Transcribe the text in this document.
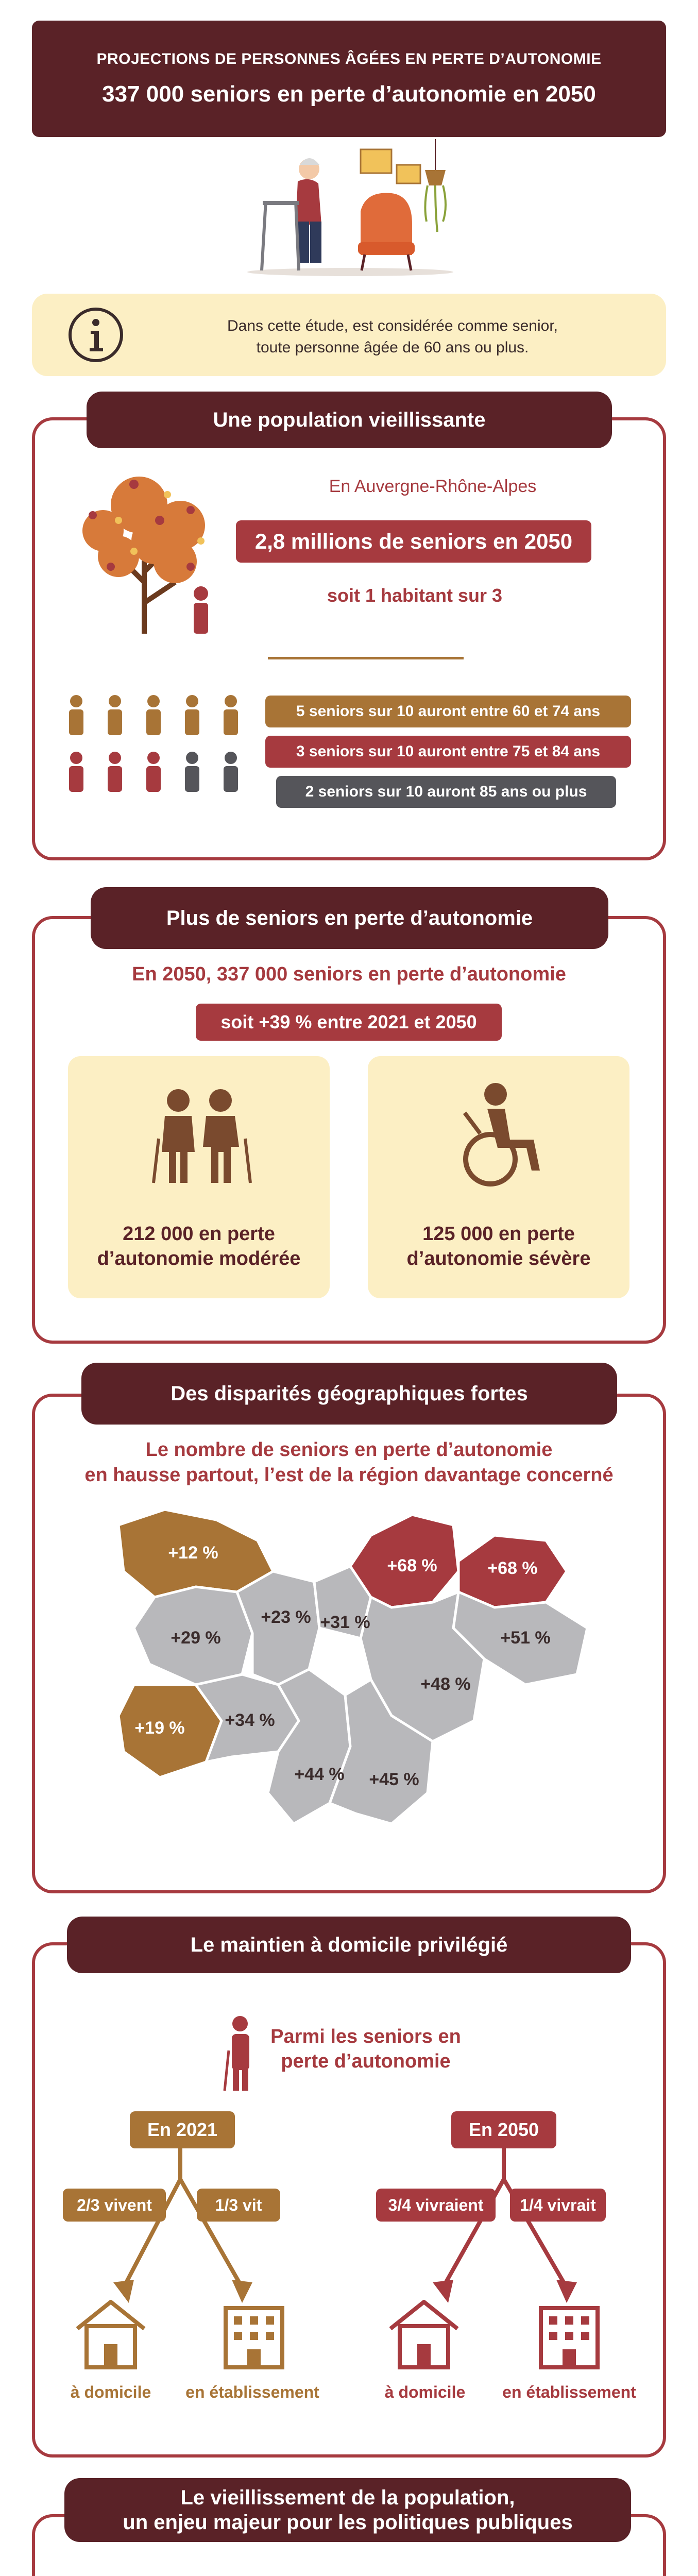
PROJECTIONS DE PERSONNES ÂGÉES EN PERTE D’AUTONOMIE
337 000 seniors en perte d’autonomie en 2050
Dans cette étude, est considérée comme senior,
toute personne âgée de 60 ans ou plus.
Une population vieillissante
En Auvergne-Rhône-Alpes
2,8 millions de seniors en 2050
soit 1 habitant sur 3
5 seniors sur 10 auront entre 60 et 74 ans
3 seniors sur 10 auront entre 75 et 84 ans
2 seniors sur 10 auront 85 ans ou plus
Plus de seniors en perte d’autonomie
En 2050, 337 000 seniors en perte d’autonomie
soit +39 % entre 2021 et 2050
212 000 en perte
d’autonomie modérée
125 000 en perte
d’autonomie sévère
Des disparités géographiques fortes
Le nombre de seniors en perte d’autonomie
en hausse partout, l’est de la région davantage concerné
+12 %
+29 %
+23 % +31 %
+68 %	+68 %
+51 %
+48 %
+19 % +34 %
+44 % +45 %
Le maintien à domicile privilégié
Parmi les seniors en
perte d’autonomie
En 2021
2/3 vivent	1/3 vit
En 2050
3/4 vivraient	1/4 vivrait
à domicile	en établissement	à domicile	en établissement
Le vieillissement de la population,
un enjeu majeur pour les politiques publiques
